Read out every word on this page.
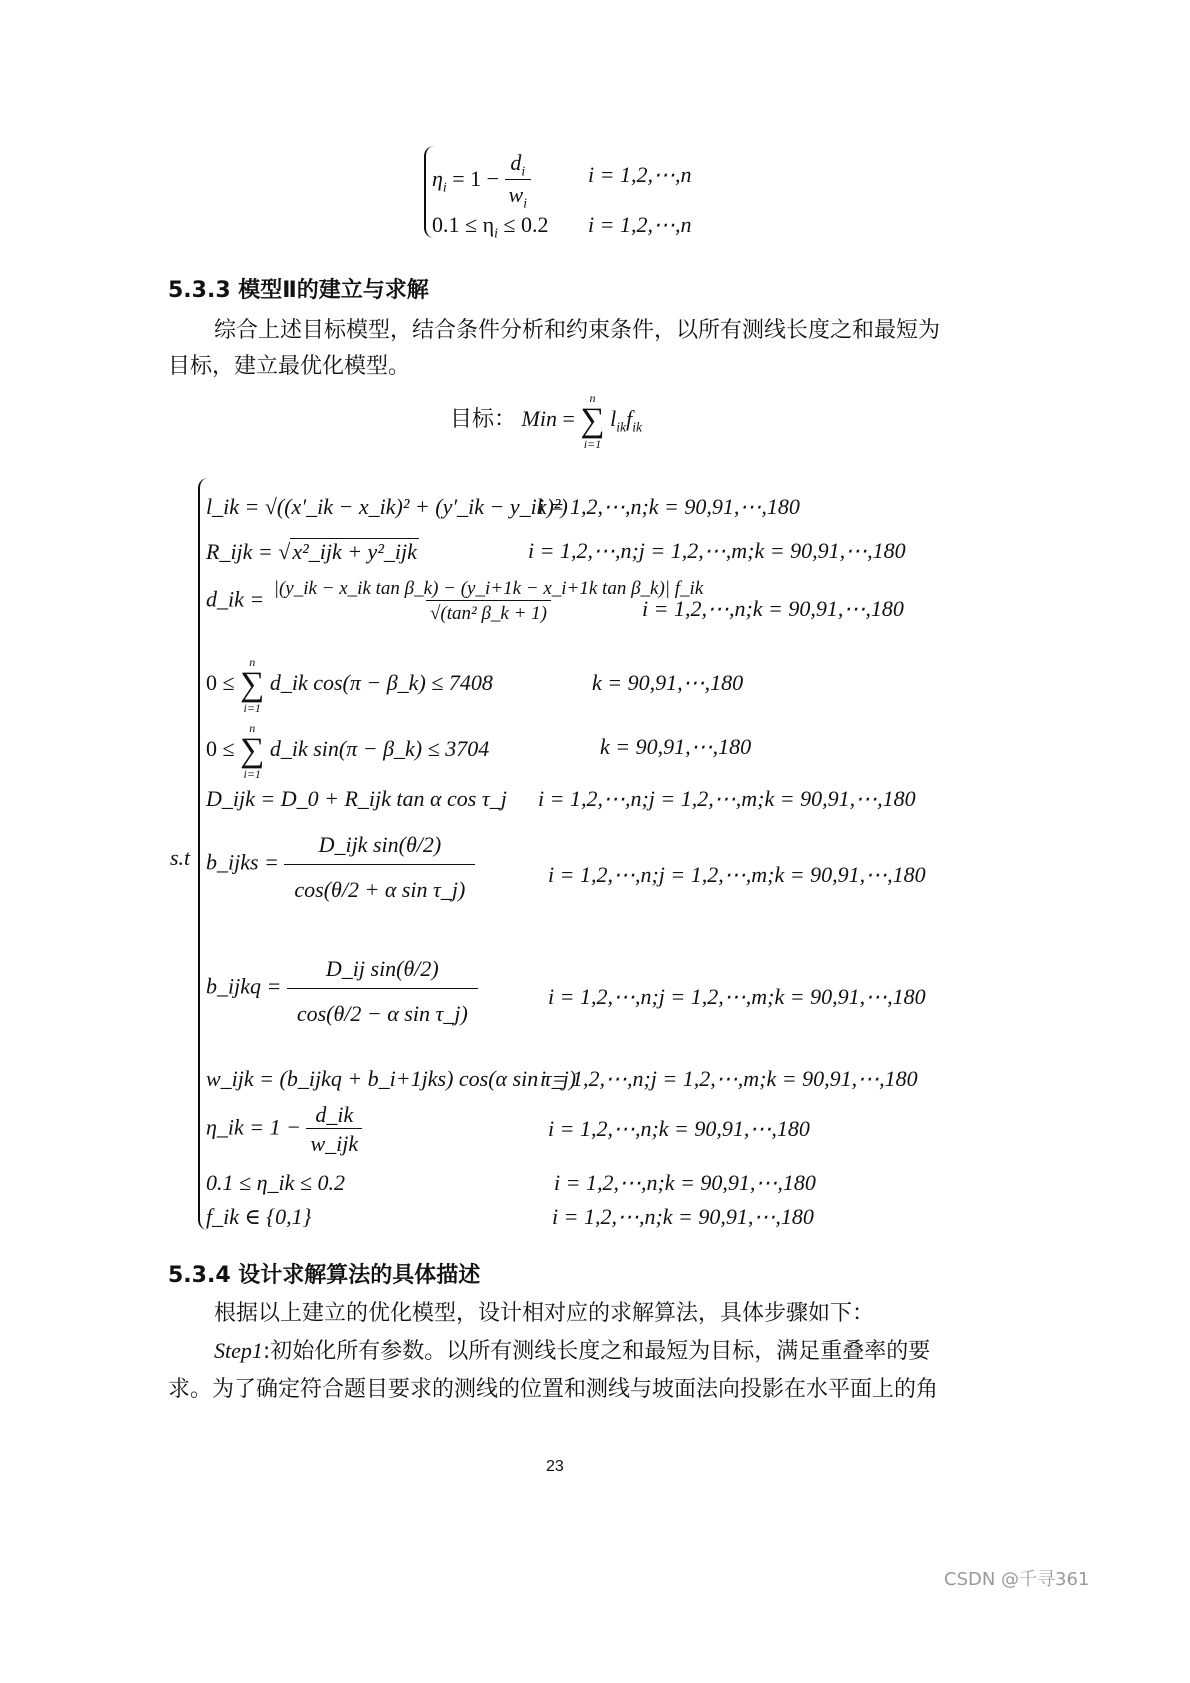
$\eta_i = 1 - \frac{d_i}{w_i}$	i = 1,2,⋯,n
$0.1 \le \eta_i \le 0.2$ i = 1,2,⋯,n
5.3.3 模型Ⅱ的建立与求解
综合上述目标模型，结合条件分析和约束条件，以所有测线长度之和最短为
目标，建立最优化模型。
目标： Min =
n
∑
i=1
$l_{ik}f_{ik}$
s.t
l_ik = √((x′_ik − x_ik)² + (y′_ik − y_ik)²)
i = 1,2,⋯,n;k = 90,91,⋯,180
R_ijk = √x²_ijk + y²_ijk	i = 1,2,⋯,n;j = 1,2,⋯,m;k = 90,91,⋯,180
d_ik = $\frac{\text{|(y\_ik − x\_ik tan β\_k) − (y\_i+1k − x\_i+1k tan β\_k)| f\_ik}}{\text{√(tan² β\_k + 1)}}$
i = 1,2,⋯,n;k = 90,91,⋯,180
0 ≤
n
∑
i=1
d_ik cos(π − β_k) ≤ 7408	k = 90,91,⋯,180
0 ≤
n
∑
i=1
d_ik sin(π − β_k) ≤ 3704	k = 90,91,⋯,180
D_ijk = D_0 + R_ijk tan α cos τ_j i = 1,2,⋯,n;j = 1,2,⋯,m;k = 90,91,⋯,180
b_ijks = $\frac{\text{D\_ijk sin(θ/2)}}{\text{cos(θ/2 + α sin τ\_j)}}$	i = 1,2,⋯,n;j = 1,2,⋯,m;k = 90,91,⋯,180
b_ijkq = $\frac{\text{D\_ij sin(θ/2)}}{\text{cos(θ/2 − α sin τ\_j)}}$	i = 1,2,⋯,n;j = 1,2,⋯,m;k = 90,91,⋯,180
w_ijk = (b_ijkq + b_i+1jks) cos(α sin τ_j)
i = 1,2,⋯,n;j = 1,2,⋯,m;k = 90,91,⋯,180
η_ik = $1 - \frac{d\_ik}{\text{w\_ijk}}$	i = 1,2,⋯,n;k = 90,91,⋯,180
0.1 ≤ η_ik ≤ 0.2	i = 1,2,⋯,n;k = 90,91,⋯,180
f_ik ∈ {0,1}	i = 1,2,⋯,n;k = 90,91,⋯,180
5.3.4 设计求解算法的具体描述
根据以上建立的优化模型，设计相对应的求解算法，具体步骤如下：
Step1:初始化所有参数。以所有测线长度之和最短为目标，满足重叠率的要
求。为了确定符合题目要求的测线的位置和测线与坡面法向投影在水平面上的角
23
CSDN @千寻361
